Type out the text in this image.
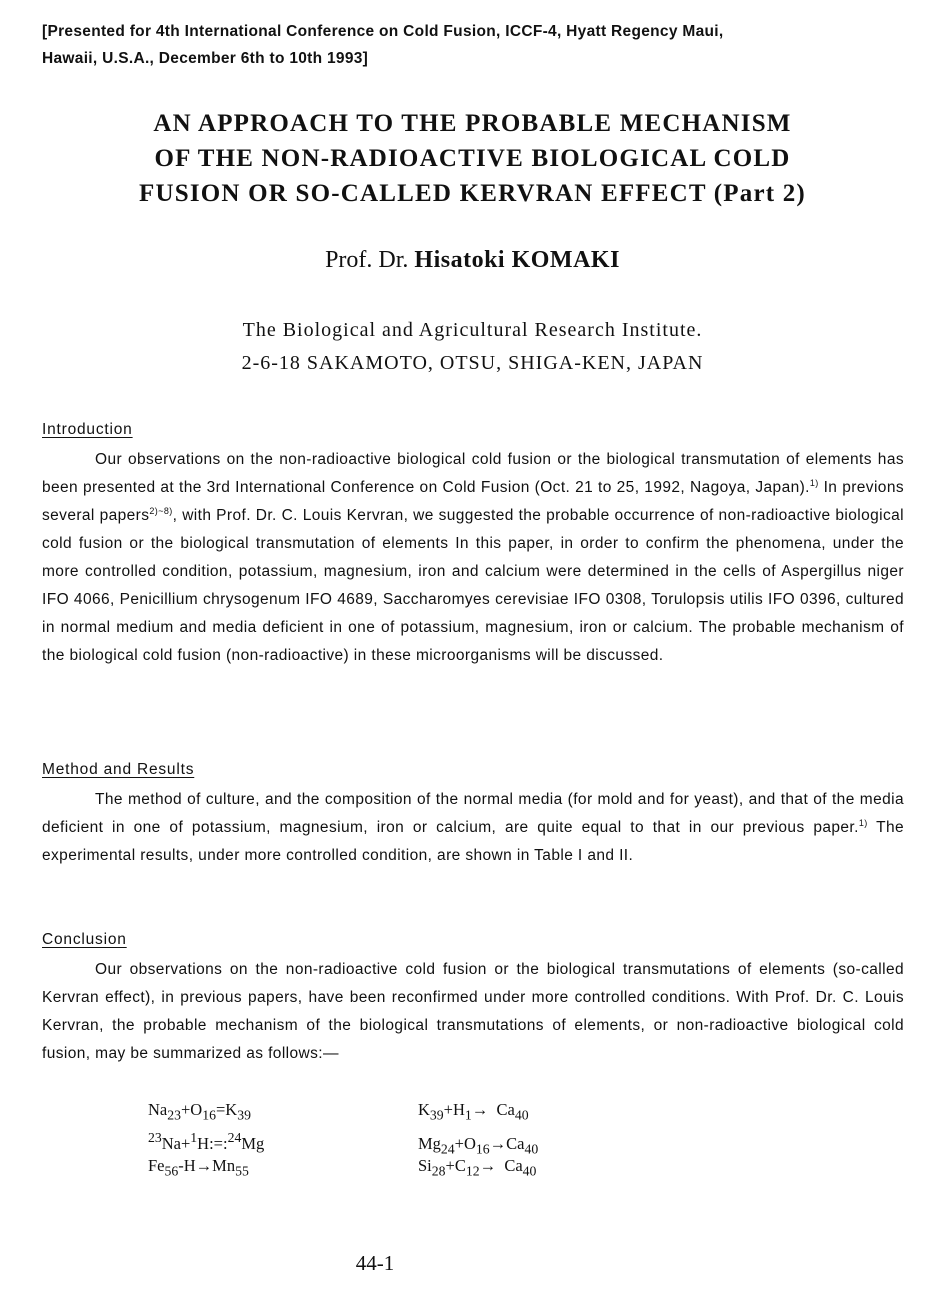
[Presented for 4th International Conference on Cold Fusion, ICCF-4, Hyatt Regency Maui,
Hawaii, U.S.A., December 6th to 10th 1993]
AN APPROACH TO THE PROBABLE MECHANISM
OF THE NON-RADIOACTIVE BIOLOGICAL COLD
FUSION OR SO-CALLED KERVRAN EFFECT (Part 2)
Prof. Dr. Hisatoki KOMAKI
The Biological and Agricultural Research Institute.
2-6-18 SAKAMOTO, OTSU, SHIGA-KEN, JAPAN
Introduction

Our observations on the non-radioactive biological cold fusion or the biological transmutation of elements has been presented at the 3rd International Conference on Cold Fusion (Oct. 21 to 25, 1992, Nagoya, Japan).$^{1)}$ In previons several papers$^{2)\sim 8)}$, with Prof. Dr. C. Louis Kervran, we suggested the probable occurrence of non-radioactive biological cold fusion or the biological transmutation of elements In this paper, in order to confirm the phenomena, under the more controlled condition, potassium, magnesium, iron and calcium were determined in the cells of Aspergillus niger IFO 4066, Penicillium chrysogenum IFO 4689, Saccharomyes cerevisiae IFO 0308, Torulopsis utilis IFO 0396, cultured in normal medium and media deficient in one of potassium, magnesium, iron or calcium. The probable mechanism of the biological cold fusion (non-radioactive) in these microorganisms will be discussed.

Method and Results

The method of culture, and the composition of the normal media (for mold and for yeast), and that of the media deficient in one of potassium, magnesium, iron or calcium, are quite equal to that in our previous paper.$^{1)}$ The experimental results, under more controlled condition, are shown in Table I and II.

Conclusion

Our observations on the non-radioactive cold fusion or the biological transmutations of elements (so-called Kervran effect), in previous papers, have been reconfirmed under more controlled conditions. With Prof. Dr. C. Louis Kervran, the probable mechanism of the biological transmutations of elements, or non-radioactive biological cold fusion, may be summarized as follows:—

$Na_{23}+O_{16}=K_{39}$	$K_{39}+H_1\to Ca_{40}$
$^{23}$Na+$^1$H:=:$^{24}$Mg	$Mg_{24}+O_{16}\to Ca_{40}$
$Fe_{56}-H\to Mn_{55}$	$Si_{28}+C_{12}\to Ca_{40}$
44-1
